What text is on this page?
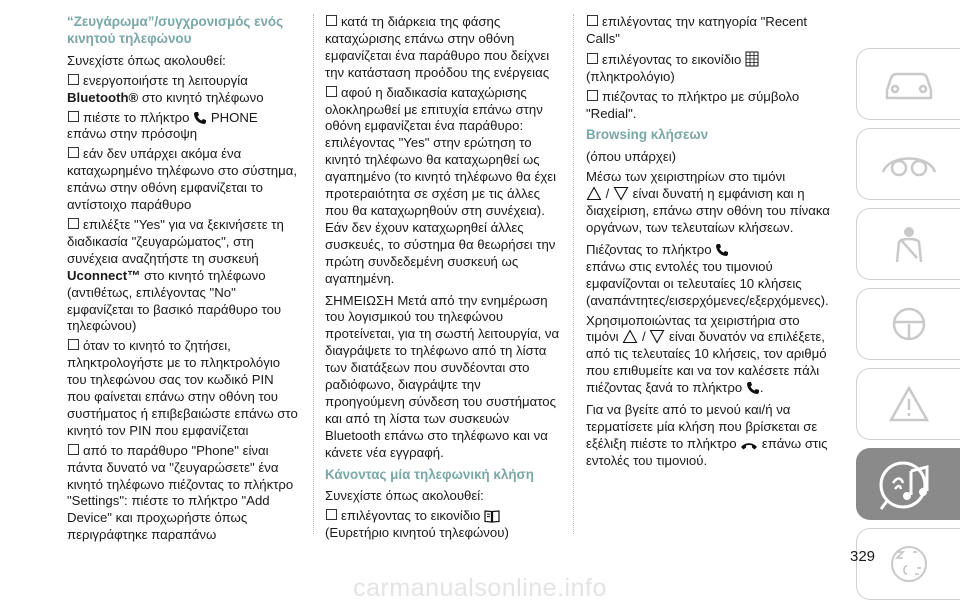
“Ζευγάρωμα”/συγχρονισμός ενός κινητού τηλεφώνου
Συνεχίστε όπως ακολουθεί:
ενεργοποιήστε τη λειτουργία
Bluetooth® στο κινητό τηλέφωνο
πιέστε το πλήκτρο  PHONE επάνω στην πρόσοψη
εάν δεν υπάρχει ακόμα ένα καταχωρημένο τηλέφωνο στο σύστημα, επάνω στην οθόνη εμφανίζεται το αντίστοιχο παράθυρο
επιλέξτε "Yes" για να ξεκινήσετε τη διαδικασία "ζευγαρώματος", στη συνέχεια αναζητήστε τη συσκευή Uconnect™ στο κινητό τηλέφωνο (αντιθέτως, επιλέγοντας "No" εμφανίζεται το βασικό παράθυρο του τηλεφώνου)
όταν το κινητό το ζητήσει, πληκτρολογήστε με το πληκτρολόγιο του τηλεφώνου σας τον κωδικό PIN που φαίνεται επάνω στην οθόνη του συστήματος ή επιβεβαιώστε επάνω στο κινητό τον PIN που εμφανίζεται
από το παράθυρο "Phone" είναι πάντα δυνατό να "ζευγαρώσετε" ένα κινητό τηλέφωνο πιέζοντας το πλήκτρο "Settings": πιέστε το πλήκτρο "Add Device" και προχωρήστε όπως περιγράφτηκε παραπάνω
κατά τη διάρκεια της φάσης καταχώρισης επάνω στην οθόνη εμφανίζεται ένα παράθυρο που δείχνει την κατάσταση προόδου της ενέργειας
αφού η διαδικασία καταχώρισης ολοκληρωθεί με επιτυχία επάνω στην οθόνη εμφανίζεται ένα παράθυρο: επιλέγοντας "Yes" στην ερώτηση το κινητό τηλέφωνο θα καταχωρηθεί ως αγαπημένο (το κινητό τηλέφωνο θα έχει προτεραιότητα σε σχέση με τις άλλες που θα καταχωρηθούν στη συνέχεια). Εάν δεν έχουν καταχωρηθεί άλλες συσκευές, το σύστημα θα θεωρήσει την πρώτη συνδεδεμένη συσκευή ως αγαπημένη.
ΣΗΜΕΙΩΣΗ Μετά από την ενημέρωση του λογισμικού του τηλεφώνου προτείνεται, για τη σωστή λειτουργία, να διαγράψετε το τηλέφωνο από τη λίστα των διατάξεων που συνδέονται στο ραδιόφωνο, διαγράψτε την προηγούμενη σύνδεση του συστήματος και από τη λίστα των συσκευών Bluetooth επάνω στο τηλέφωνο και να κάνετε νέα εγγραφή.
Κάνοντας μία τηλεφωνική κλήση
Συνεχίστε όπως ακολουθεί:
επιλέγοντας το εικονίδιο
(Ευρετήριο κινητού τηλεφώνου)
επιλέγοντας την κατηγορία "Recent Calls"
επιλέγοντας το εικονίδιο
(πληκτρολόγιο)
πιέζοντας το πλήκτρο με σύμβολο "Redial".
Browsing κλήσεων
(όπου υπάρχει)
Μέσω των χειριστηρίων στο τιμόνι
/  είναι δυνατή η εμφάνιση και η διαχείριση, επάνω στην οθόνη του πίνακα οργάνων, των τελευταίων κλήσεων.
Πιέζοντας το πλήκτρο
επάνω στις εντολές του τιμονιού εμφανίζονται οι τελευταίες 10 κλήσεις (αναπάντητες/εισερχόμενες/εξερχόμενες).
Χρησιμοποιώντας τα χειριστήρια στο τιμόνι /  είναι δυνατόν να επιλέξετε, από τις τελευταίες 10 κλήσεις, τον αριθμό που επιθυμείτε και να τον καλέσετε πάλι πιέζοντας ξανά το πλήκτρο .
Για να βγείτε από το μενού και/ή να τερματίσετε μία κλήση που βρίσκεται σε εξέλιξη πιέστε το πλήκτρο  επάνω στις εντολές του τιμονιού.
329
carmanualsonline.info
